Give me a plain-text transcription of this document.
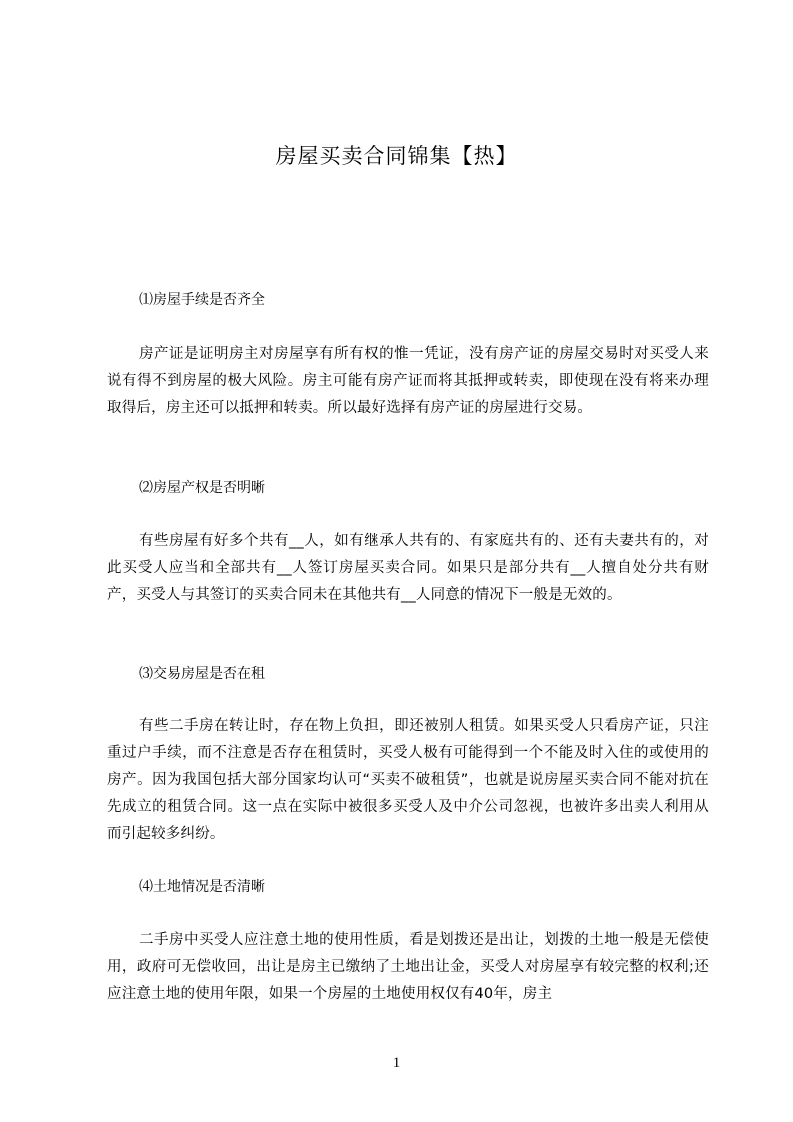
房屋买卖合同锦集【热】
⑴房屋手续是否齐全
房产证是证明房主对房屋享有所有权的惟一凭证，没有房产证的房屋交易时对买受人来说有得不到房屋的极大风险。房主可能有房产证而将其抵押或转卖，即使现在没有将来办理取得后，房主还可以抵押和转卖。所以最好选择有房产证的房屋进行交易。
⑵房屋产权是否明晰
有些房屋有好多个共有__人，如有继承人共有的、有家庭共有的、还有夫妻共有的，对此买受人应当和全部共有__人签订房屋买卖合同。如果只是部分共有__人擅自处分共有财产，买受人与其签订的买卖合同未在其他共有__人同意的情况下一般是无效的。
⑶交易房屋是否在租
有些二手房在转让时，存在物上负担，即还被别人租赁。如果买受人只看房产证，只注重过户手续，而不注意是否存在租赁时，买受人极有可能得到一个不能及时入住的或使用的房产。因为我国包括大部分国家均认可“买卖不破租赁”，也就是说房屋买卖合同不能对抗在先成立的租赁合同。这一点在实际中被很多买受人及中介公司忽视，也被许多出卖人利用从而引起较多纠纷。
⑷土地情况是否清晰
二手房中买受人应注意土地的使用性质，看是划拨还是出让，划拨的土地一般是无偿使用，政府可无偿收回，出让是房主已缴纳了土地出让金，买受人对房屋享有较完整的权利;还应注意土地的使用年限，如果一个房屋的土地使用权仅有40年，房主
1
